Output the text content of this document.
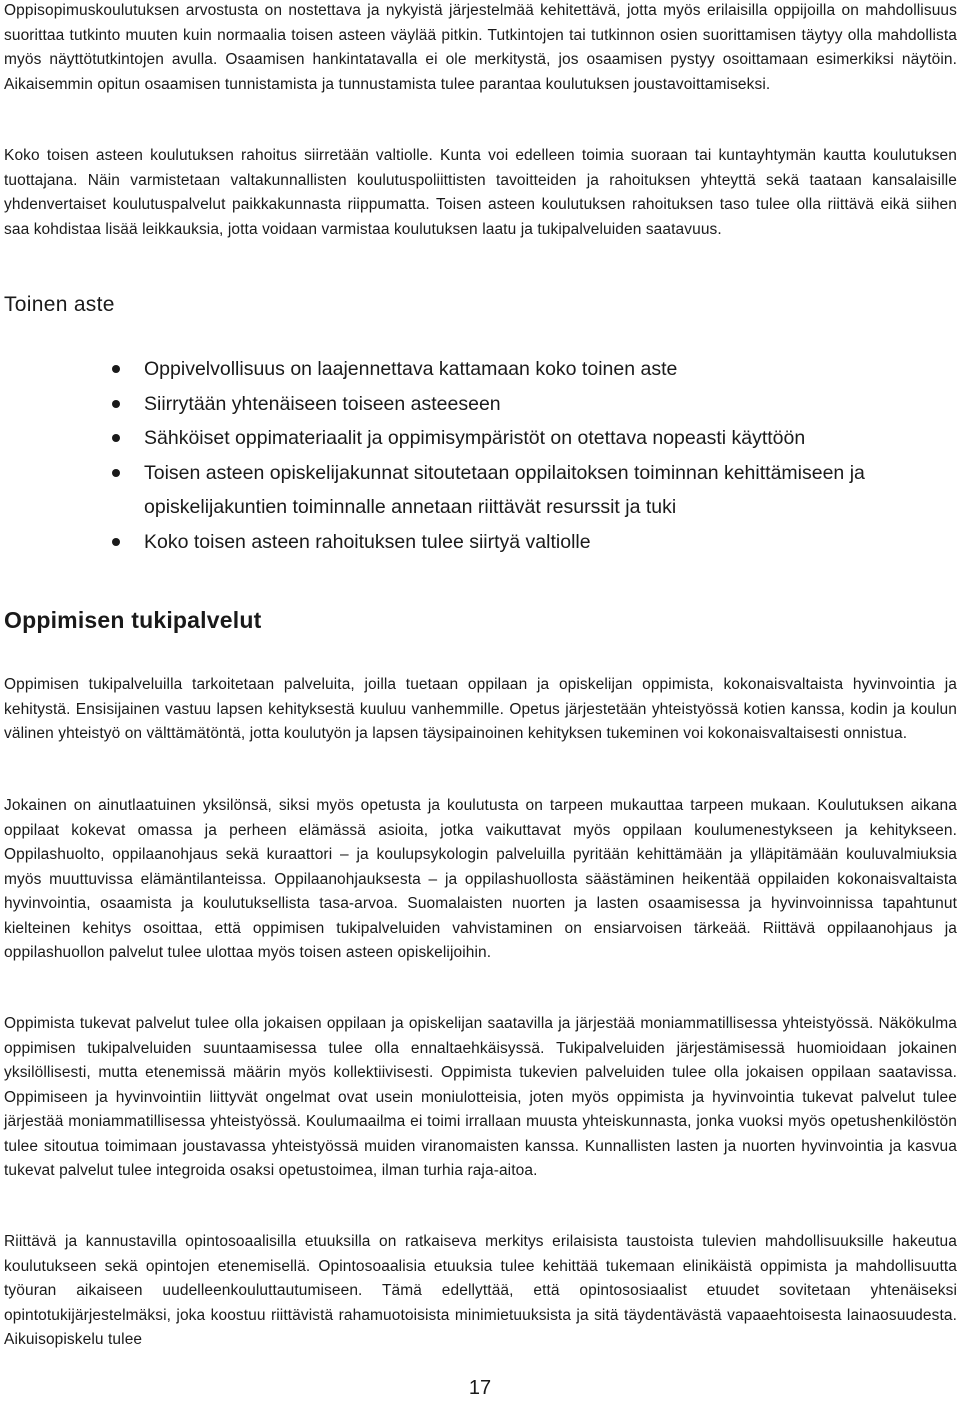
Oppisopimuskoulutuksen arvostusta on nostettava ja nykyistä järjestelmää kehitettävä, jotta myös erilaisilla oppijoilla on mahdollisuus suorittaa tutkinto muuten kuin normaalia toisen asteen väylää pitkin. Tutkintojen tai tutkinnon osien suorittamisen täytyy olla mahdollista myös näyttötutkintojen avulla. Osaamisen hankintatavalla ei ole merkitystä, jos osaamisen pystyy osoittamaan esimerkiksi näytöin. Aikaisemmin opitun osaamisen tunnistamista ja tunnustamista tulee parantaa koulutuksen joustavoittamiseksi.

Koko toisen asteen koulutuksen rahoitus siirretään valtiolle. Kunta voi edelleen toimia suoraan tai kuntayhtymän kautta koulutuksen tuottajana. Näin varmistetaan valtakunnallisten koulutuspoliittisten tavoitteiden ja rahoituksen yhteyttä sekä taataan kansalaisille yhdenvertaiset koulutuspalvelut paikkakunnasta riippumatta. Toisen asteen koulutuksen rahoituksen taso tulee olla riittävä eikä siihen saa kohdistaa lisää leikkauksia, jotta voidaan varmistaa koulutuksen laatu ja tukipalveluiden saatavuus.

Toinen aste
Oppivelvollisuus on laajennettava kattamaan koko toinen aste
Siirrytään yhtenäiseen toiseen asteeseen
Sähköiset oppimateriaalit ja oppimisympäristöt on otettava nopeasti käyttöön
Toisen asteen opiskelijakunnat sitoutetaan oppilaitoksen toiminnan kehittämiseen ja opiskelijakuntien toiminnalle annetaan riittävät resurssit ja tuki
Koko toisen asteen rahoituksen tulee siirtyä valtiolle
Oppimisen tukipalvelut

Oppimisen tukipalveluilla tarkoitetaan palveluita, joilla tuetaan oppilaan ja opiskelijan oppimista, kokonaisvaltaista hyvinvointia ja kehitystä. Ensisijainen vastuu lapsen kehityksestä kuuluu vanhemmille. Opetus järjestetään yhteistyössä kotien kanssa, kodin ja koulun välinen yhteistyö on välttämätöntä, jotta koulutyön ja lapsen täysipainoinen kehityksen tukeminen voi kokonaisvaltaisesti onnistua.

Jokainen on ainutlaatuinen yksilönsä, siksi myös opetusta ja koulutusta on tarpeen mukauttaa tarpeen mukaan. Koulutuksen aikana oppilaat kokevat omassa ja perheen elämässä asioita, jotka vaikuttavat myös oppilaan koulumenestykseen ja kehitykseen. Oppilashuolto, oppilaanohjaus sekä kuraattori – ja koulupsykologin palveluilla pyritään kehittämään ja ylläpitämään kouluvalmiuksia myös muuttuvissa elämäntilanteissa. Oppilaanohjauksesta – ja oppilashuollosta säästäminen heikentää oppilaiden kokonaisvaltaista hyvinvointia, osaamista ja koulutuksellista tasa-arvoa. Suomalaisten nuorten ja lasten osaamisessa ja hyvinvoinnissa tapahtunut kielteinen kehitys osoittaa, että oppimisen tukipalveluiden vahvistaminen on ensiarvoisen tärkeää. Riittävä oppilaanohjaus ja oppilashuollon palvelut tulee ulottaa myös toisen asteen opiskelijoihin.

Oppimista tukevat palvelut tulee olla jokaisen oppilaan ja opiskelijan saatavilla ja järjestää moniammatillisessa yhteistyössä. Näkökulma oppimisen tukipalveluiden suuntaamisessa tulee olla ennaltaehkäisyssä. Tukipalveluiden järjestämisessä huomioidaan jokainen yksilöllisesti, mutta etenemissä määrin myös kollektiivisesti. Oppimista tukevien palveluiden tulee olla jokaisen oppilaan saatavissa. Oppimiseen ja hyvinvointiin liittyvät ongelmat ovat usein moniulotteisia, joten myös oppimista ja hyvinvointia tukevat palvelut tulee järjestää moniammatillisessa yhteistyössä. Koulumaailma ei toimi irrallaan muusta yhteiskunnasta, jonka vuoksi myös opetushenkilöstön tulee sitoutua toimimaan joustavassa yhteistyössä muiden viranomaisten kanssa. Kunnallisten lasten ja nuorten hyvinvointia ja kasvua tukevat palvelut tulee integroida osaksi opetustoimea, ilman turhia raja-aitoa.

Riittävä ja kannustavilla opintosoaalisilla etuuksilla on ratkaiseva merkitys erilaisista taustoista tulevien mahdollisuuksille hakeutua koulutukseen sekä opintojen etenemisellä. Opintosoaalisia etuuksia tulee kehittää tukemaan elinikäistä oppimista ja mahdollisuutta työuran aikaiseen uudelleenkouluttautumiseen. Tämä edellyttää, että opintososiaalist etuudet sovitetaan yhtenäiseksi opintotukijärjestelmäksi, joka koostuu riittävistä rahamuotoisista minimietuuksista ja sitä täydentävästä vapaaehtoisesta lainaosuudesta. Aikuisopiskelu tulee

17
